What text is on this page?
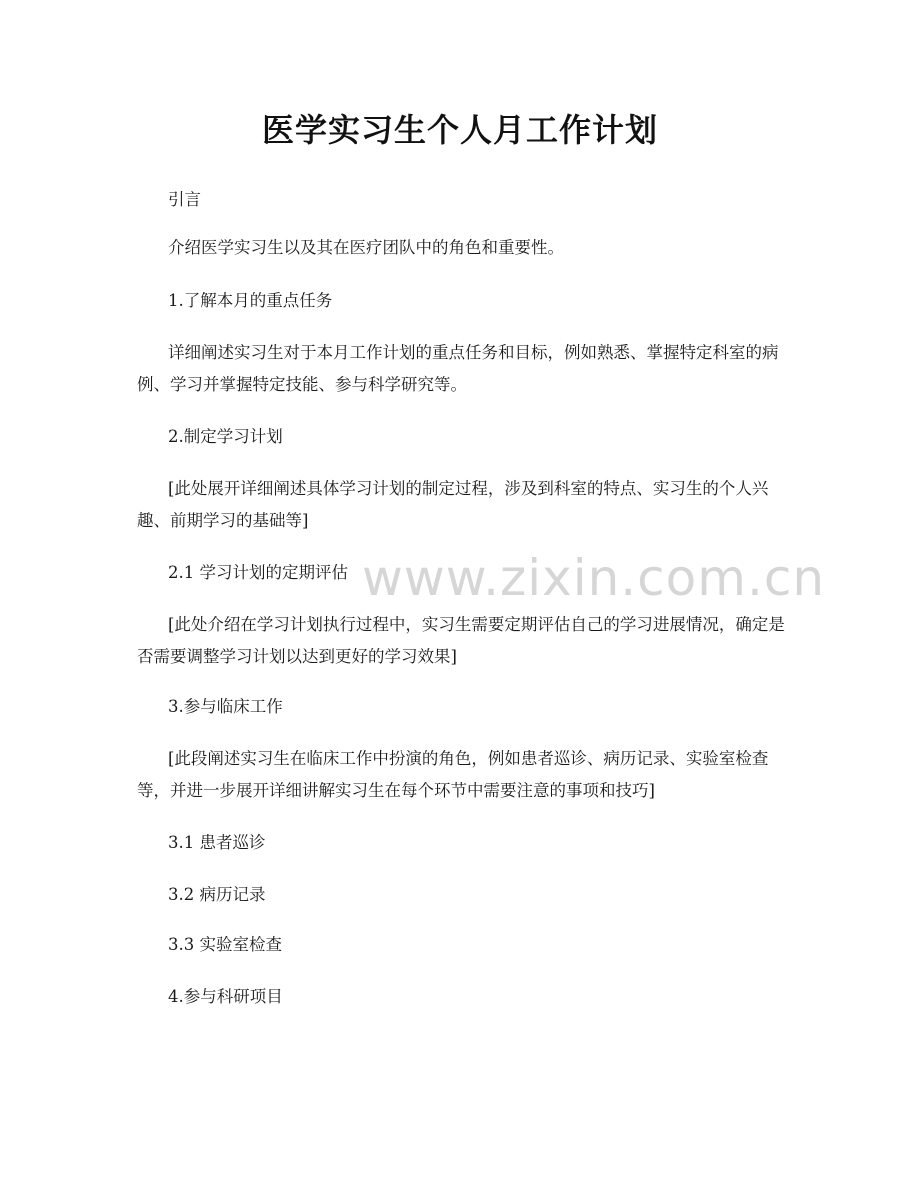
医学实习生个人月工作计划

引言

介绍医学实习生以及其在医疗团队中的角色和重要性。

1.了解本月的重点任务

详细阐述实习生对于本月工作计划的重点任务和目标，例如熟悉、掌握特定科室的病例、学习并掌握特定技能、参与科学研究等。

2.制定学习计划

[此处展开详细阐述具体学习计划的制定过程，涉及到科室的特点、实习生的个人兴趣、前期学习的基础等]

2.1 学习计划的定期评估

[此处介绍在学习计划执行过程中，实习生需要定期评估自己的学习进展情况，确定是否需要调整学习计划以达到更好的学习效果]

3.参与临床工作

[此段阐述实习生在临床工作中扮演的角色，例如患者巡诊、病历记录、实验室检查等，并进一步展开详细讲解实习生在每个环节中需要注意的事项和技巧]

3.1 患者巡诊

3.2 病历记录

3.3 实验室检查

4.参与科研项目

www.zixin.com.cn
